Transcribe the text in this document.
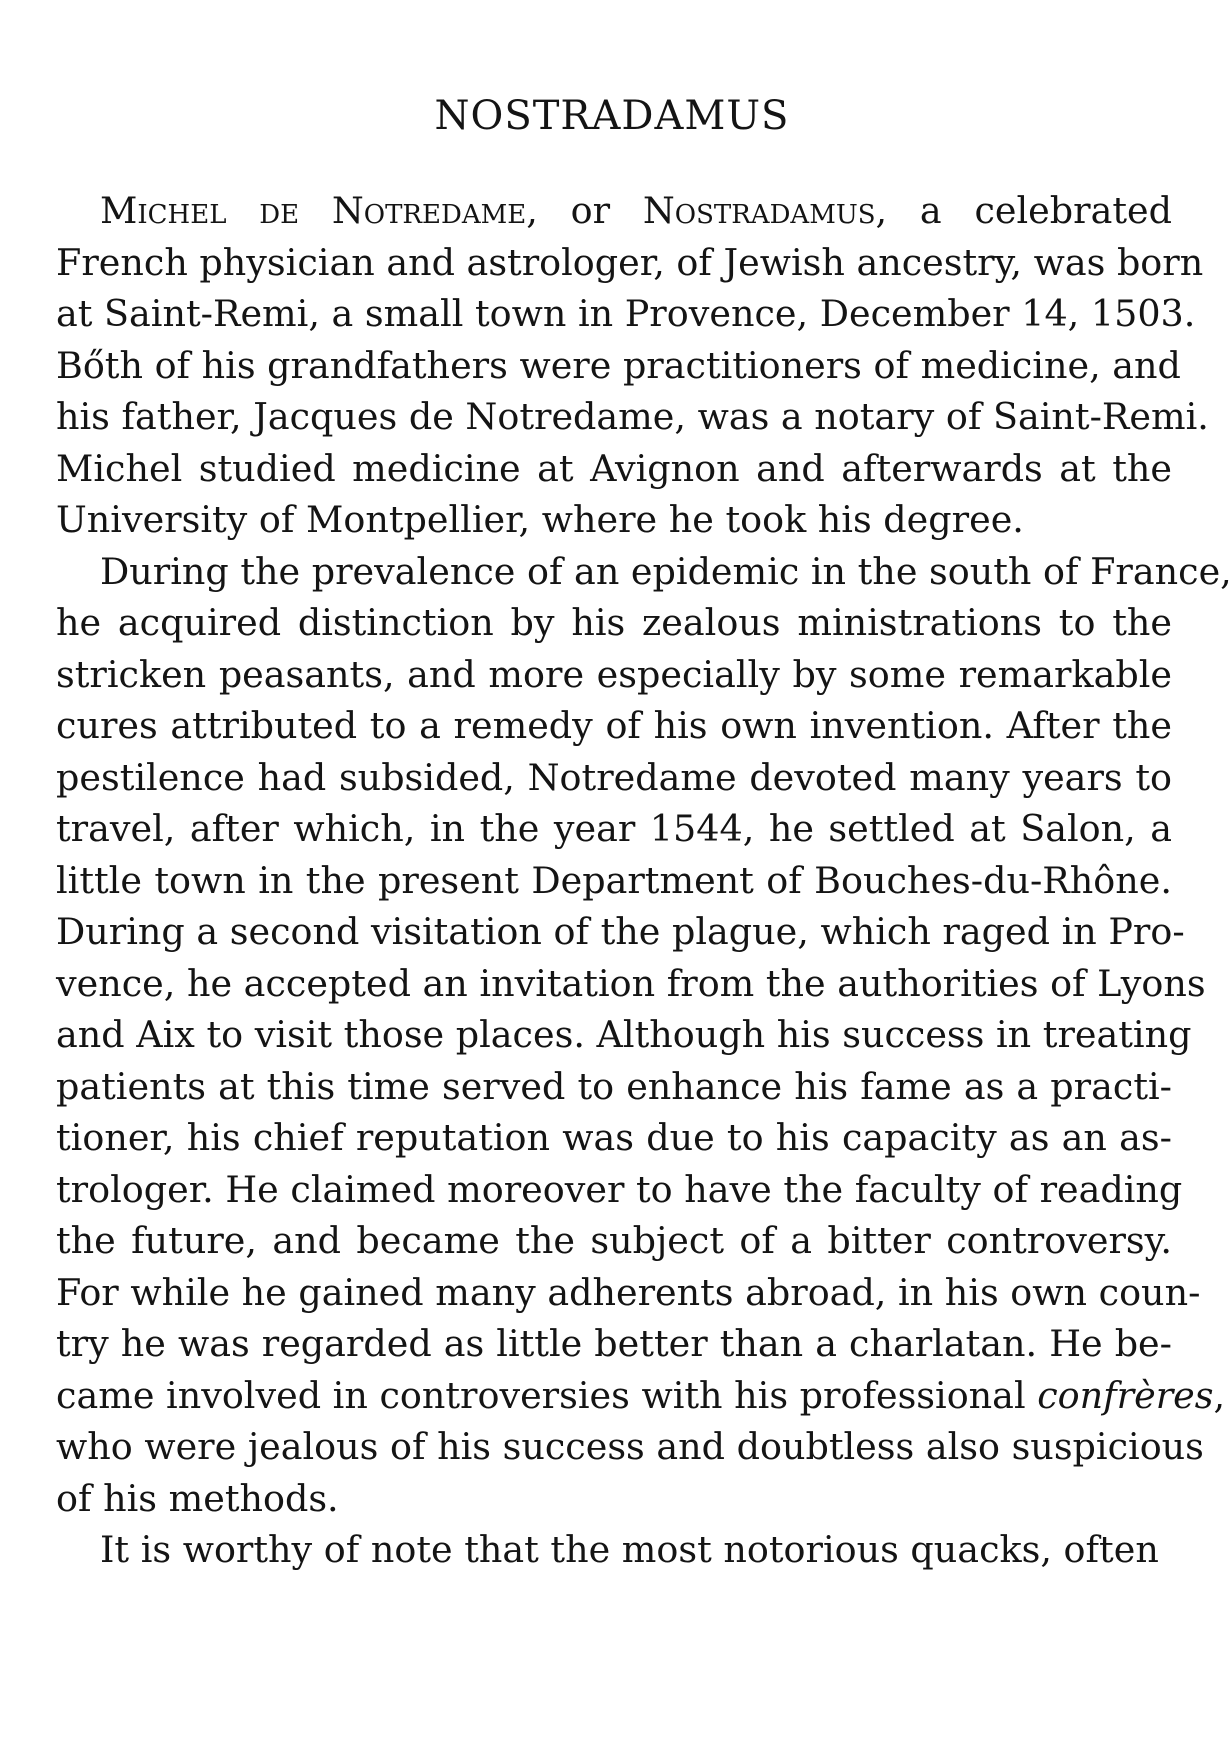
NOSTRADAMUS
Michel de Notredame, or Nostradamus, a celebrated
French physician and astrologer, of Jewish ancestry, was born
at Saint-Remi, a small town in Provence, December 14, 1503.
Bőth of his grandfathers were practitioners of medicine, and
his father, Jacques de Notredame, was a notary of Saint-Remi.
Michel studied medicine at Avignon and afterwards at the
University of Montpellier, where he took his degree.
During the prevalence of an epidemic in the south of France,
he acquired distinction by his zealous ministrations to the
stricken peasants, and more especially by some remarkable
cures attributed to a remedy of his own invention. After the
pestilence had subsided, Notredame devoted many years to
travel, after which, in the year 1544, he settled at Salon, a
little town in the present Department of Bouches-du-Rhône.
During a second visitation of the plague, which raged in Pro-
vence, he accepted an invitation from the authorities of Lyons
and Aix to visit those places. Although his success in treating
patients at this time served to enhance his fame as a practi-
tioner, his chief reputation was due to his capacity as an as-
trologer. He claimed moreover to have the faculty of reading
the future, and became the subject of a bitter controversy.
For while he gained many adherents abroad, in his own coun-
try he was regarded as little better than a charlatan. He be-
came involved in controversies with his professional confrères,
who were jealous of his success and doubtless also suspicious
of his methods.
It is worthy of note that the most notorious quacks, often
